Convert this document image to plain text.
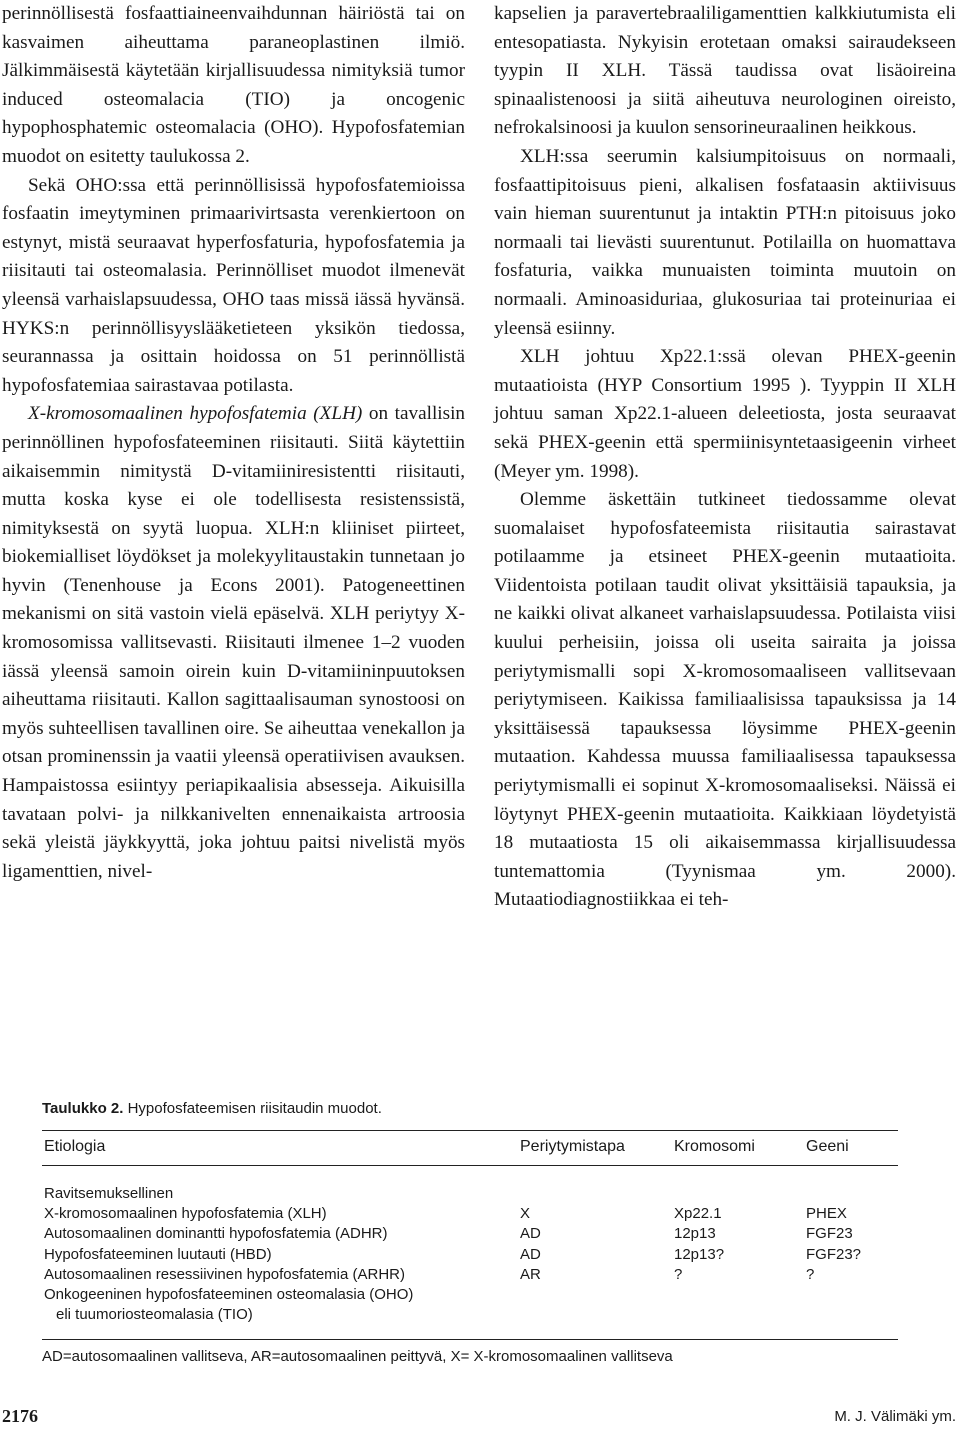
perinnöllisestä fosfaattiaineenvaihdunnan häiriöstä tai on kasvaimen aiheuttama paraneoplastinen ilmiö. Jälkimmäisestä käytetään kirjallisuudessa nimityksiä tumor induced osteomalacia (TIO) ja oncogenic hypophosphatemic osteomalacia (OHO). Hypofosfatemian muodot on esitetty taulukossa 2.

Sekä OHO:ssa että perinnöllisissä hypofosfatemioissa fosfaatin imeytyminen primaarivirtsasta verenkiertoon on estynyt, mistä seuraavat hyperfosfaturia, hypofosfatemia ja riisitauti tai osteomalasia. Perinnölliset muodot ilmenevät yleensä varhaislapsuudessa, OHO taas missä iässä hyvänsä. HYKS:n perinnöllisyyslääketieteen yksikön tiedossa, seurannassa ja osittain hoidossa on 51 perinnöllistä hypofosfatemiaa sairastavaa potilasta.

X-kromosomaalinen hypofosfatemia (XLH) on tavallisin perinnöllinen hypofosfateeminen riisitauti. Siitä käytettiin aikaisemmin nimitystä D-vitamiiniresistentti riisitauti, mutta koska kyse ei ole todellisesta resistenssistä, nimityksestä on syytä luopua. XLH:n kliiniset piirteet, biokemialliset löydökset ja molekyylitaustakin tunnetaan jo hyvin (Tenenhouse ja Econs 2001). Patogeneettinen mekanismi on sitä vastoin vielä epäselvä. XLH periytyy X-kromosomissa vallitsevasti. Riisitauti ilmenee 1–2 vuoden iässä yleensä samoin oirein kuin D-vitamiininpuutoksen aiheuttama riisitauti. Kallon sagittaalisauman synostoosi on myös suhteellisen tavallinen oire. Se aiheuttaa venekallon ja otsan prominenssin ja vaatii yleensä operatiivisen avauksen. Hampaistossa esiintyy periapikaalisia absesseja. Aikuisilla tavataan polvi- ja nilkkanivelten ennenaikaista artroosia sekä yleistä jäykkyyttä, joka johtuu paitsi nivelistä myös ligamenttien, nivel-

kapselien ja paravertebraaliligamenttien kalkkiutumista eli entesopatiasta. Nykyisin erotetaan omaksi sairaudekseen tyypin II XLH. Tässä taudissa ovat lisäoireina spinaalistenoosi ja siitä aiheutuva neurologinen oireisto, nefrokalsinoosi ja kuulon sensorineuraalinen heikkous.

XLH:ssa seerumin kalsiumpitoisuus on normaali, fosfaattipitoisuus pieni, alkalisen fosfataasin aktiivisuus vain hieman suurentunut ja intaktin PTH:n pitoisuus joko normaali tai lievästi suurentunut. Potilailla on huomattava fosfaturia, vaikka munuaisten toiminta muutoin on normaali. Aminoasiduriaa, glukosuriaa tai proteinuriaa ei yleensä esiinny.

XLH johtuu Xp22.1:ssä olevan PHEX-geenin mutaatioista (HYP Consortium 1995 ). Tyyppin II XLH johtuu saman Xp22.1-alueen deleetiosta, josta seuraavat sekä PHEX-geenin että spermiinisyntetaasigeenin virheet (Meyer ym. 1998).

Olemme äskettäin tutkineet tiedossamme olevat suomalaiset hypofosfateemista riisitautia sairastavat potilaamme ja etsineet PHEX-geenin mutaatioita. Viidentoista potilaan taudit olivat yksittäisiä tapauksia, ja ne kaikki olivat alkaneet varhaislapsuudessa. Potilaista viisi kuului perheisiin, joissa oli useita sairaita ja joissa periytymismalli sopi X-kromosomaaliseen vallitsevaan periytymiseen. Kaikissa familiaalisissa tapauksissa ja 14 yksittäisessä tapauksessa löysimme PHEX-geenin mutaation. Kahdessa muussa familiaalisessa tapauksessa periytymismalli ei sopinut X-kromosomaaliseksi. Näissä ei löytynyt PHEX-geenin mutaatioita. Kaikkiaan löydetyistä 18 mutaatiosta 15 oli aikaisemmassa kirjallisuudessa tuntemattomia (Tyynismaa ym. 2000). Mutaatiodiagnostiikkaa ei teh-

Taulukko 2. Hypofosfateemisen riisitaudin muodot.
Etiologia	Periytymistapa	Kromosomi	Geeni
Ravitsemuksellinen
X-kromosomaalinen hypofosfatemia (XLH)	X	Xp22.1	PHEX
Autosomaalinen dominantti hypofosfatemia (ADHR)	AD	12p13	FGF23
Hypofosfateeminen luutauti (HBD)	AD	12p13?	FGF23?
Autosomaalinen resessiivinen hypofosfatemia (ARHR)	AR	?	?
Onkogeeninen hypofosfateeminen osteomalasia (OHO)
eli tuumoriosteomalasia (TIO)
AD=autosomaalinen vallitseva, AR=autosomaalinen peittyvä, X= X-kromosomaalinen vallitseva
2176	M. J. Välimäki ym.
